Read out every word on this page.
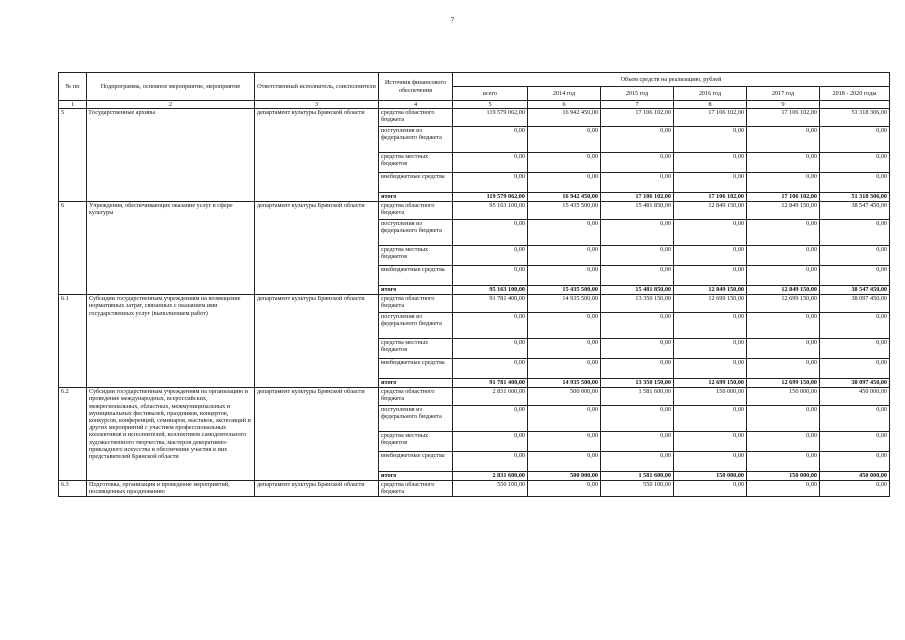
7
№ пп	Подпрограмма, основное мероприятие, мероприятие	Ответственный исполнитель, соисполнители	Источник финансового обеспечения	Объем средств на реализацию, рублей					
				всего	2014 год	2015 год	2016 год	2017 год	2018 - 2020 годы
1	2	3	4	5	6	7	8	9	
5	Государственные архивы	департамент культуры Брянской области	средства областного бюджета	119 579 062,00	16 942 450,00	17 106 102,00	17 106 102,00	17 106 102,00	51 318 306,00
			поступления из федерального бюджета	0,00	0,00	0,00	0,00	0,00	0,00
			средства местных бюджетов	0,00	0,00	0,00	0,00	0,00	0,00
			внебюджетные средства	0,00	0,00	0,00	0,00	0,00	0,00
			итого	119 579 062,00	16 942 450,00	17 106 102,00	17 106 102,00	17 106 102,00	51 318 306,00
6	Учреждения, обеспечивающие оказание услуг в сфере культуры	департамент культуры Брянской области	средства областного бюджета	95 163 100,00	15 435 500,00	15 481 850,00	12 849 150,00	12 849 150,00	38 547 450,00
			поступления из федерального бюджета	0,00	0,00	0,00	0,00	0,00	0,00
			средства местных бюджетов	0,00	0,00	0,00	0,00	0,00	0,00
			внебюджетные средства	0,00	0,00	0,00	0,00	0,00	0,00
			итого	95 163 100,00	15 435 500,00	15 481 850,00	12 849 150,00	12 849 150,00	38 547 450,00
6.1	Субсидии государственным учреждениям на возмещение нормативных затрат, связанных с оказанием ими государственных услуг (выполнением работ)	департамент культуры Брянской области	средства областного бюджета	91 781 400,00	14 935 500,00	13 350 150,00	12 699 150,00	12 699 150,00	38 097 450,00
			поступления из федерального бюджета	0,00	0,00	0,00	0,00	0,00	0,00
			средства местных бюджетов	0,00	0,00	0,00	0,00	0,00	0,00
			внебюджетные средства	0,00	0,00	0,00	0,00	0,00	0,00
			итого	91 781 400,00	14 935 500,00	13 350 150,00	12 699 150,00	12 699 150,00	38 097 450,00
6.2	Субсидии государственным учреждениям на организацию и проведение международных, всероссийских, межрегиональных, областных, межмуниципальных и муниципальных фестивалей, праздников, концертов, конкурсов, конференций, семинаров, выставок, экспозиций и других мероприятий с участием профессиональных коллективов и исполнителей, коллективов самодеятельного художественного творчества, мастеров декоративно-прикладного искусства и обеспечение участия в них представителей Брянской области	департамент культуры Брянской области	средства областного бюджета	2 831 600,00	500 000,00	1 581 600,00	150 000,00	150 000,00	450 000,00
			поступления из федерального бюджета	0,00	0,00	0,00	0,00	0,00	0,00
			средства местных бюджетов	0,00	0,00	0,00	0,00	0,00	0,00
			внебюджетные средства	0,00	0,00	0,00	0,00	0,00	0,00
			итого	2 831 600,00	500 000,00	1 581 600,00	150 000,00	150 000,00	450 000,00
6.3	Подготовка, организация и проведение мероприятий, посвященных празднованию	департамент культуры Брянской области	средства областного бюджета	550 100,00	0,00	550 100,00	0,00	0,00	0,00
